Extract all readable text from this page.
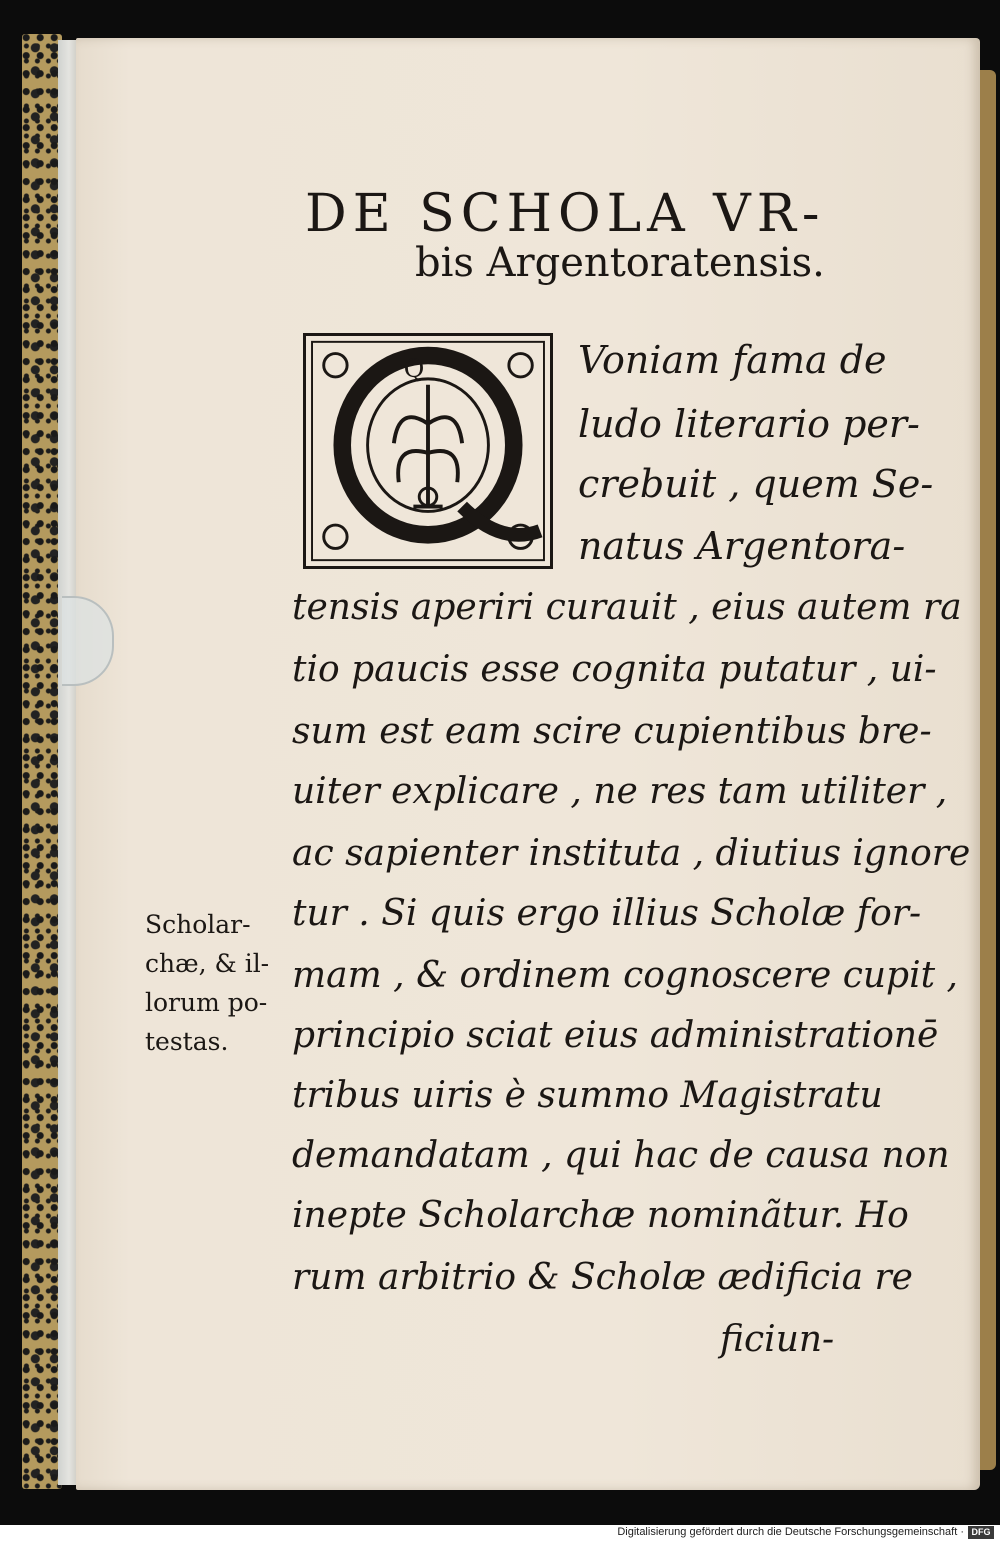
DE SCHOLA VR-
bis Argentoratensis.
Q	Voniam fama de
ludo literario per-
crebuit , quem Se-
natus Argentora-
tensis aperiri curauit , eius autem ra
tio paucis esse cognita putatur , ui-
sum est eam scire cupientibus bre-
uiter explicare , ne res tam utiliter ,
ac sapienter instituta , diutius ignore
tur . Si quis ergo illius Scholæ for-
mam , & ordinem cognoscere cupit ,
principio sciat eius administrationē
tribus uiris è summo Magistratu
demandatam , qui hac de causa non
inepte Scholarchæ nominãtur. Ho
rum arbitrio & Scholæ ædificia re
ficiun-
Scholar-
chæ, & il-
lorum po-
testas.
Digitalisierung gefördert durch die Deutsche Forschungsgemeinschaft · DFG
